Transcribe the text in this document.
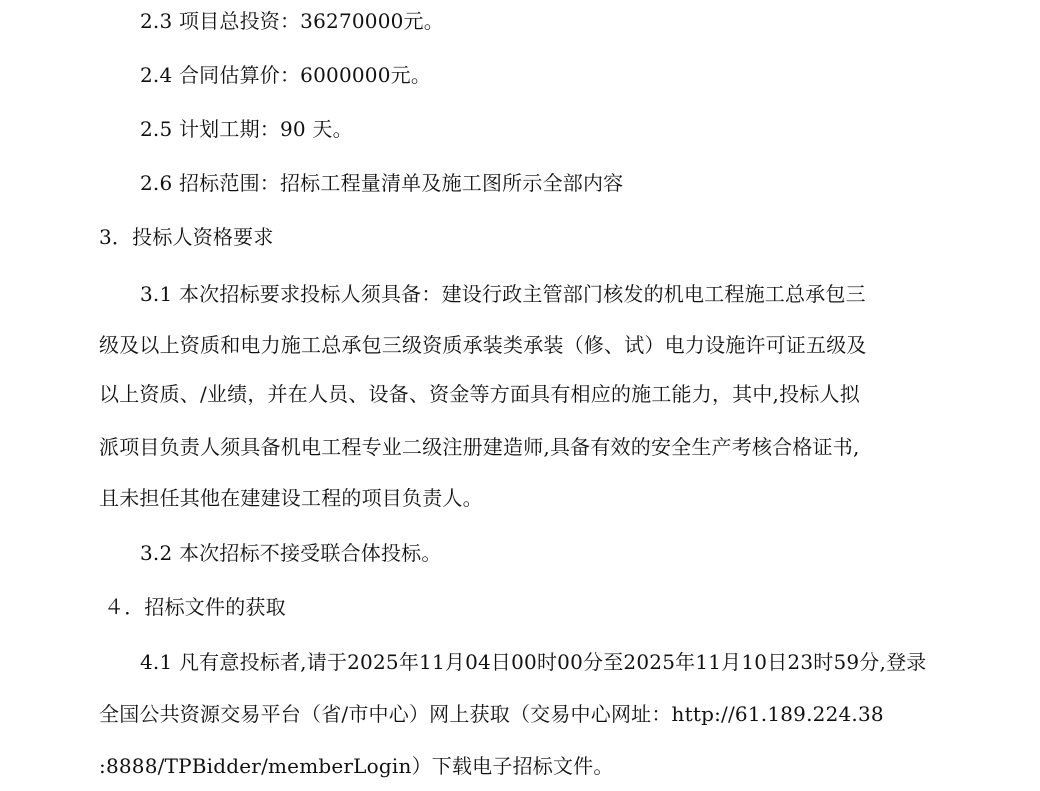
2.3 项目总投资：36270000元。
2.4 合同估算价：6000000元。
2.5 计划工期：90 天。
2.6 招标范围：招标工程量清单及施工图所示全部内容
3．投标人资格要求
3.1 本次招标要求投标人须具备：建设行政主管部门核发的机电工程施工总承包三
级及以上资质和电力施工总承包三级资质承装类承装（修、试）电力设施许可证五级及
以上资质、/业绩，并在人员、设备、资金等方面具有相应的施工能力，其中,投标人拟
派项目负责人须具备机电工程专业二级注册建造师,具备有效的安全生产考核合格证书,
且未担任其他在建建设工程的项目负责人。
3.2 本次招标不接受联合体投标。
４．招标文件的获取
4.1 凡有意投标者,请于2025年11月04日00时00分至2025年11月10日23时59分,登录
全国公共资源交易平台（省/市中心）网上获取（交易中心网址：http://61.189.224.38
:8888/TPBidder/memberLogin）下载电子招标文件。
